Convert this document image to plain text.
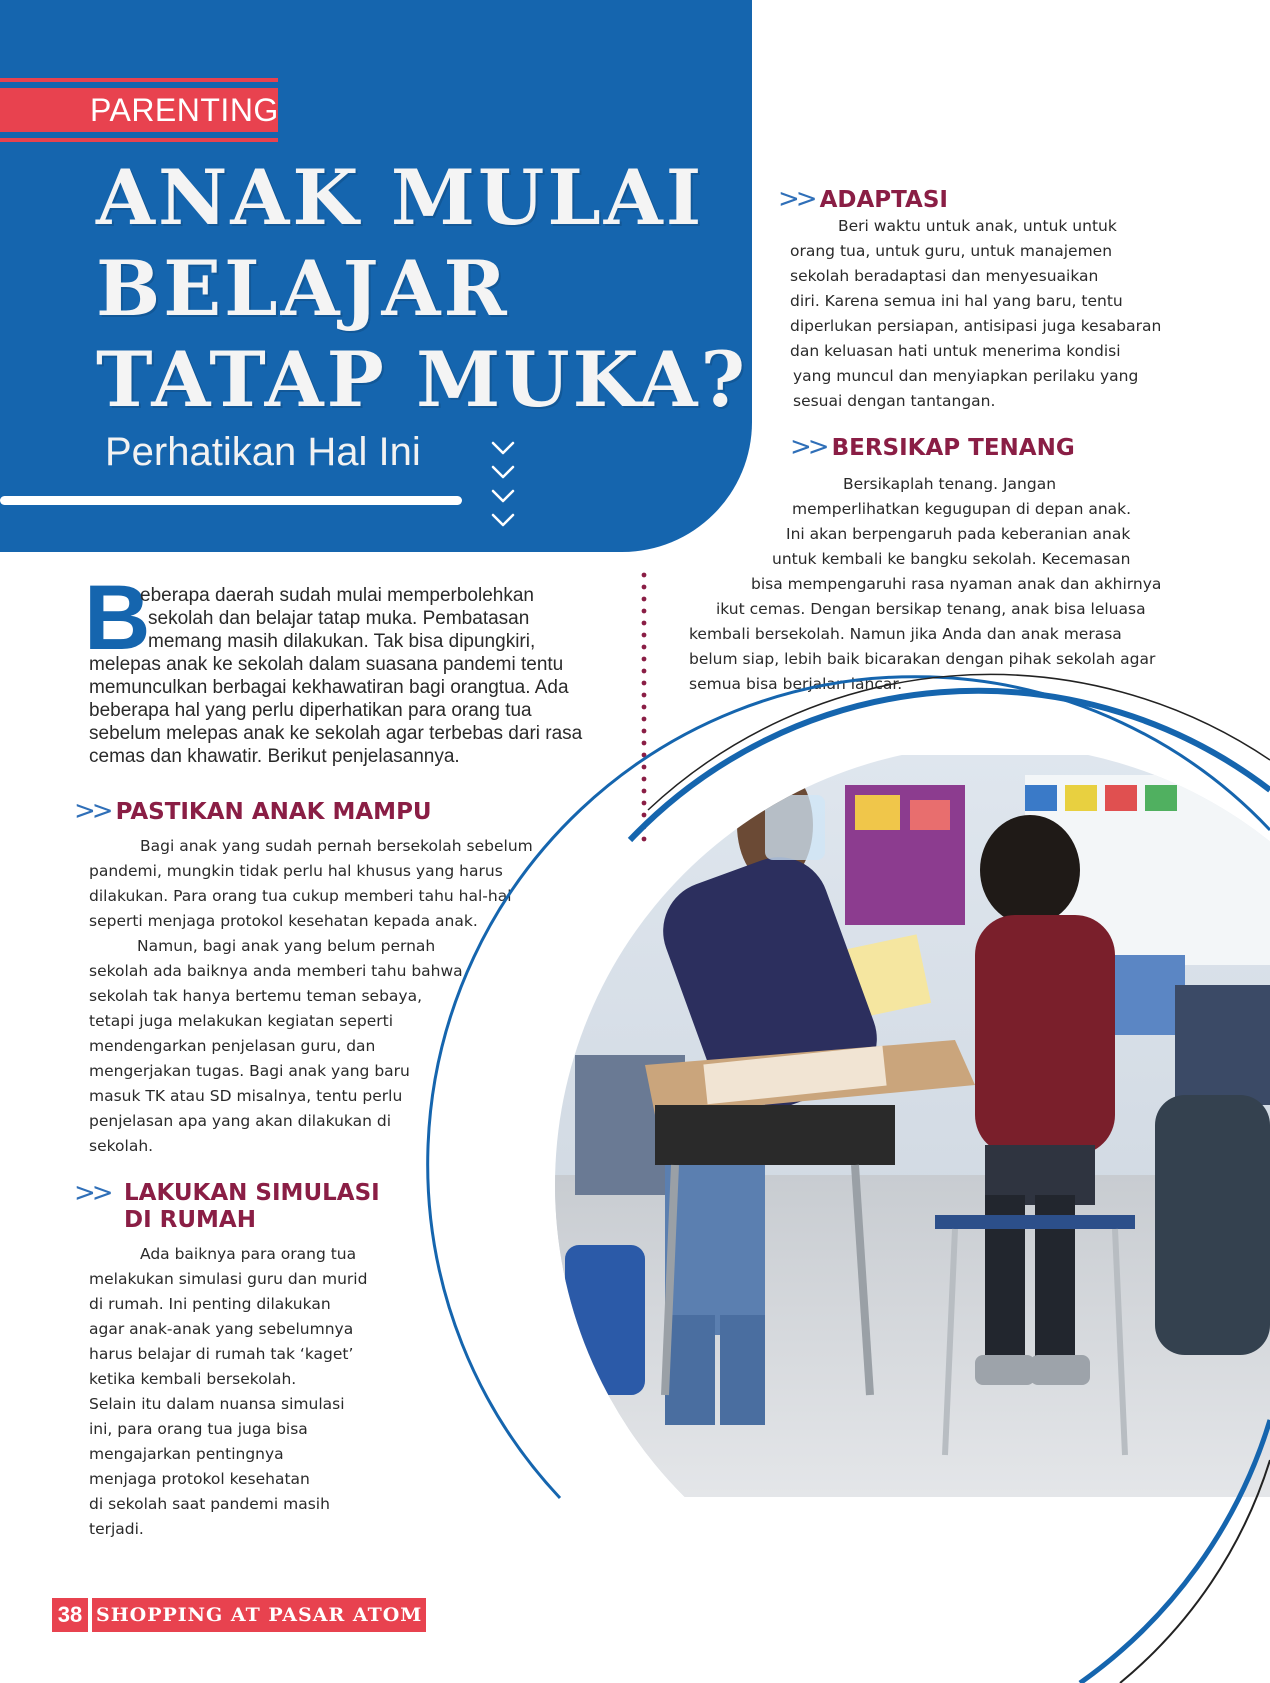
PARENTING
ANAK MULAI
BELAJAR
TATAP MUKA?
Perhatikan Hal Ini
>> ADAPTASI
Beri waktu untuk anak, untuk untuk
orang tua, untuk guru, untuk manajemen
sekolah beradaptasi dan menyesuaikan
diri. Karena semua ini hal yang baru, tentu
diperlukan persiapan, antisipasi juga kesabaran
dan keluasan hati untuk menerima kondisi
yang muncul dan menyiapkan perilaku yang
sesuai dengan tantangan.
>> BERSIKAP TENANG
Bersikaplah tenang. Jangan
memperlihatkan kegugupan di depan anak.
Ini akan berpengaruh pada keberanian anak
untuk kembali ke bangku sekolah. Kecemasan
bisa mempengaruhi rasa nyaman anak dan akhirnya
ikut cemas. Dengan bersikap tenang, anak bisa leluasa
kembali bersekolah. Namun jika Anda dan anak merasa
belum siap, lebih baik bicarakan dengan pihak sekolah agar
semua bisa berjalan lancar.
B
eberapa daerah sudah mulai memperbolehkan
sekolah dan belajar tatap muka. Pembatasan
memang masih dilakukan. Tak bisa dipungkiri,
melepas anak ke sekolah dalam suasana pandemi tentu
memunculkan berbagai kekhawatiran bagi orangtua. Ada
beberapa hal yang perlu diperhatikan para orang tua
sebelum melepas anak ke sekolah agar terbebas dari rasa
cemas dan khawatir. Berikut penjelasannya.
>> PASTIKAN ANAK MAMPU
Bagi anak yang sudah pernah bersekolah sebelum
pandemi, mungkin tidak perlu hal khusus yang harus
dilakukan. Para orang tua cukup memberi tahu hal-hal
seperti menjaga protokol kesehatan kepada anak.
Namun, bagi anak yang belum pernah
sekolah ada baiknya anda memberi tahu bahwa
sekolah tak hanya bertemu teman sebaya,
tetapi juga melakukan kegiatan seperti
mendengarkan penjelasan guru, dan
mengerjakan tugas. Bagi anak yang baru
masuk TK atau SD misalnya, tentu perlu
penjelasan apa yang akan dilakukan di
sekolah.
>> LAKUKAN SIMULASI
DI RUMAH
Ada baiknya para orang tua
melakukan simulasi guru dan murid
di rumah. Ini penting dilakukan
agar anak-anak yang sebelumnya
harus belajar di rumah tak ‘kaget’
ketika kembali bersekolah.
Selain itu dalam nuansa simulasi
ini, para orang tua juga bisa
mengajarkan pentingnya
menjaga protokol kesehatan
di sekolah saat pandemi masih
terjadi.
38 SHOPPING AT PASAR ATOM
